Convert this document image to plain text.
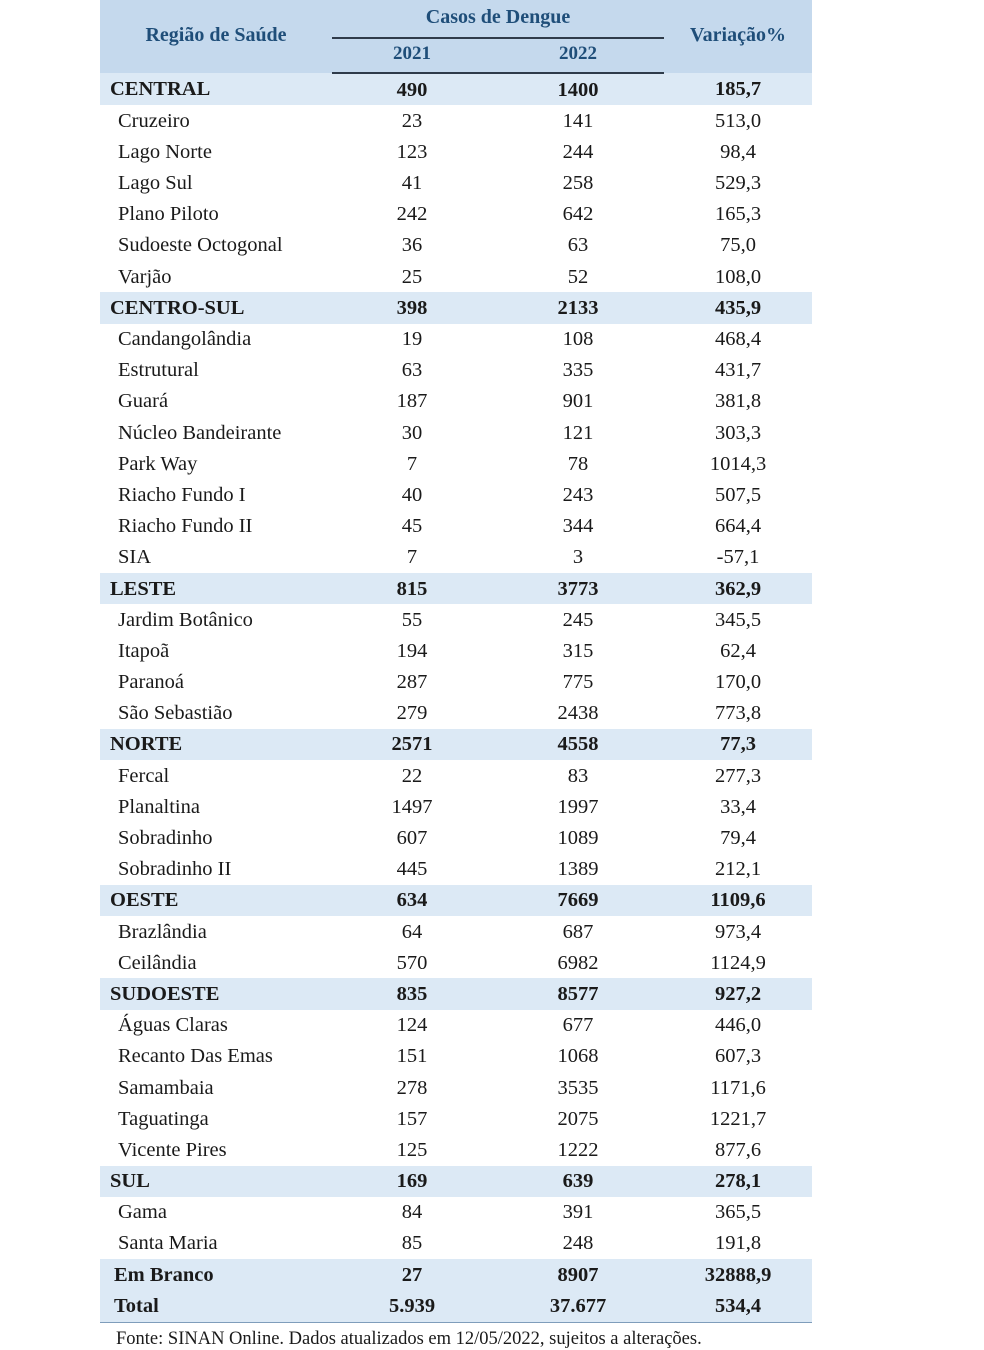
Região de Saúde	Casos de Dengue		Variação%
	2021	2022	
CENTRAL	490	1400	185,7
Cruzeiro	23	141	513,0
Lago Norte	123	244	98,4
Lago Sul	41	258	529,3
Plano Piloto	242	642	165,3
Sudoeste Octogonal	36	63	75,0
Varjão	25	52	108,0
CENTRO-SUL	398	2133	435,9
Candangolândia	19	108	468,4
Estrutural	63	335	431,7
Guará	187	901	381,8
Núcleo Bandeirante	30	121	303,3
Park Way	7	78	1014,3
Riacho Fundo I	40	243	507,5
Riacho Fundo II	45	344	664,4
SIA	7	3	-57,1
LESTE	815	3773	362,9
Jardim Botânico	55	245	345,5
Itapoã	194	315	62,4
Paranoá	287	775	170,0
São Sebastião	279	2438	773,8
NORTE	2571	4558	77,3
Fercal	22	83	277,3
Planaltina	1497	1997	33,4
Sobradinho	607	1089	79,4
Sobradinho II	445	1389	212,1
OESTE	634	7669	1109,6
Brazlândia	64	687	973,4
Ceilândia	570	6982	1124,9
SUDOESTE	835	8577	927,2
Águas Claras	124	677	446,0
Recanto Das Emas	151	1068	607,3
Samambaia	278	3535	1171,6
Taguatinga	157	2075	1221,7
Vicente Pires	125	1222	877,6
SUL	169	639	278,1
Gama	84	391	365,5
Santa Maria	85	248	191,8
Em Branco	27	8907	32888,9
Total	5.939	37.677	534,4
Fonte: SINAN Online. Dados atualizados em 12/05/2022, sujeitos a alterações.
